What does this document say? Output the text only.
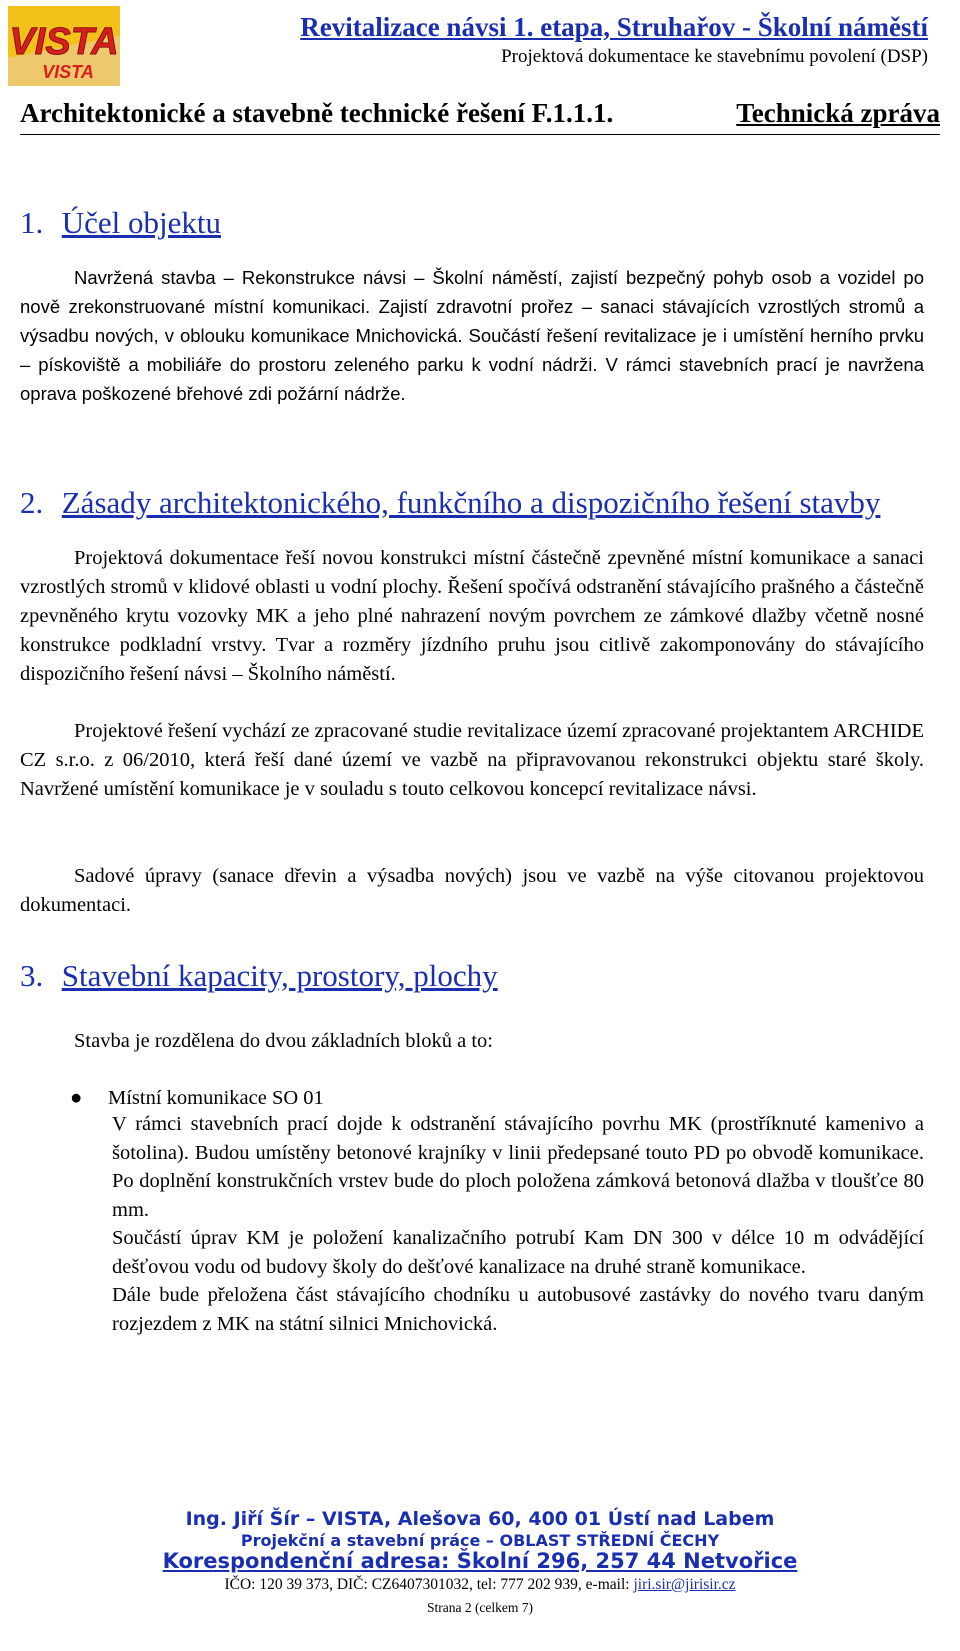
VISTA
VISTA
Revitalizace návsi 1. etapa, Struhařov - Školní náměstí
Projektová dokumentace ke stavebnímu povolení (DSP)
Architektonické a stavebně technické řešení F.1.1.1.	Technická zpráva
1. Účel objektu

Navržená stavba – Rekonstrukce návsi – Školní náměstí, zajistí bezpečný pohyb osob a vozidel po nově zrekonstruované místní komunikaci. Zajistí zdravotní prořez – sanaci stávajících vzrostlých stromů a výsadbu nových, v oblouku komunikace Mnichovická. Součástí řešení revitalizace je i umístění herního prvku – pískoviště a mobiliáře do prostoru zeleného parku k vodní nádrži. V rámci stavebních prací je navržena oprava poškozené břehové zdi požární nádrže.

2. Zásady architektonického, funkčního a dispozičního řešení stavby

Projektová dokumentace řeší novou konstrukci místní částečně zpevněné místní komunikace a sanaci vzrostlých stromů v klidové oblasti u vodní plochy. Řešení spočívá odstranění stávajícího prašného a částečně zpevněného krytu vozovky MK a jeho plné nahrazení novým povrchem ze zámkové dlažby včetně nosné konstrukce podkladní vrstvy. Tvar a rozměry jízdního pruhu jsou citlivě zakomponovány do stávajícího dispozičního řešení návsi – Školního náměstí.

Projektové řešení vychází ze zpracované studie revitalizace území zpracované projektantem ARCHIDE CZ s.r.o. z 06/2010, která řeší dané území ve vazbě na připravovanou rekonstrukci objektu staré školy. Navržené umístění komunikace je v souladu s touto celkovou koncepcí revitalizace návsi.

Sadové úpravy (sanace dřevin a výsadba nových) jsou ve vazbě na výše citovanou projektovou dokumentaci.

3. Stavební kapacity, prostory, plochy

Stavba je rozdělena do dvou základních bloků a to:

●	Místní komunikace SO 01

V rámci stavebních prací dojde k odstranění stávajícího povrhu MK (prostříknuté kamenivo a šotolina). Budou umístěny betonové krajníky v linii předepsané touto PD po obvodě komunikace. Po doplnění konstrukčních vrstev bude do ploch položena zámková betonová dlažba v tloušťce 80 mm.

Součástí úprav KM je položení kanalizačního potrubí Kam DN 300 v délce 10 m odvádějící dešťovou vodu od budovy školy do dešťové kanalizace na druhé straně komunikace.

Dále bude přeložena část stávajícího chodníku u autobusové zastávky do nového tvaru daným rozjezdem z MK na státní silnici Mnichovická.

Ing. Jiří Šír – VISTA, Alešova 60, 400 01 Ústí nad Labem
Projekční a stavební práce – OBLAST STŘEDNÍ ČECHY
Korespondenční adresa: Školní 296, 257 44 Netvořice
IČO: 120 39 373, DIČ: CZ6407301032, tel: 777 202 939, e-mail: jiri.sir@jirisir.cz
Strana 2 (celkem 7)
